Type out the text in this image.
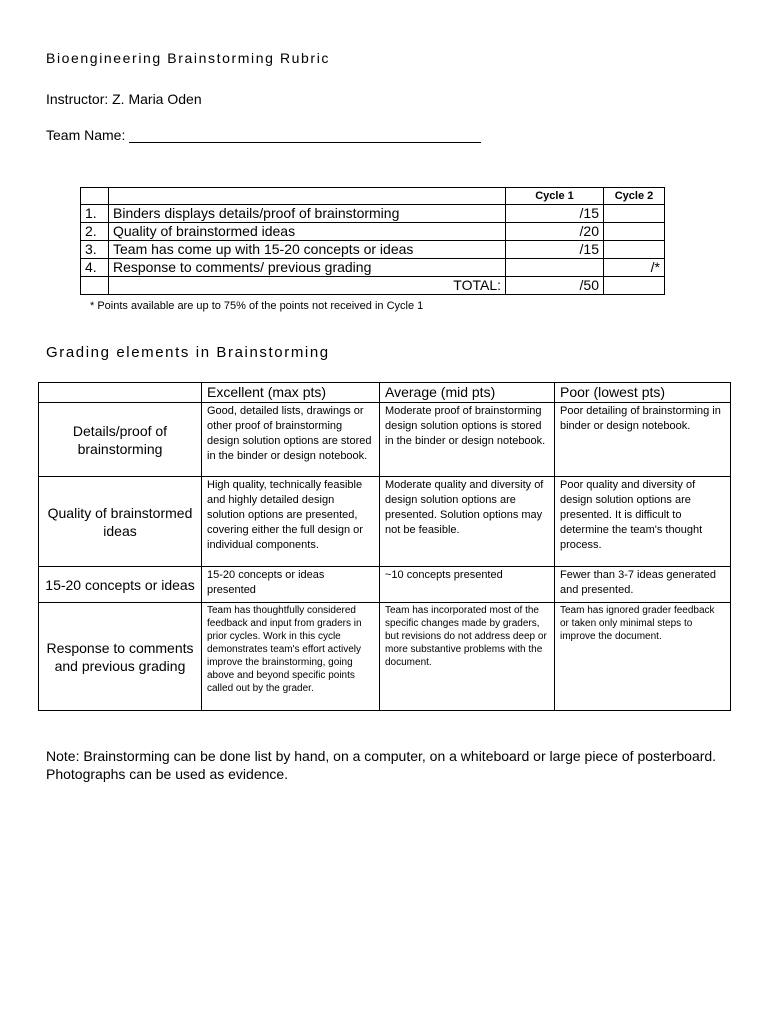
Bioengineering Brainstorming Rubric
Instructor: Z. Maria Oden
Team Name:
		Cycle 1	Cycle 2
1.	Binders displays details/proof of brainstorming	/15	
2.	Quality of brainstormed ideas	/20	
3.	Team has come up with 15-20 concepts or ideas	/15	
4.	Response to comments/ previous grading		/*
	TOTAL:	/50	
* Points available are up to 75% of the points not received in Cycle 1
Grading elements in Brainstorming
	Excellent (max pts)	Average (mid pts)	Poor (lowest pts)
Details/proof of brainstorming	Good, detailed lists, drawings or other proof of brainstorming design solution options are stored in the binder or design notebook.	Moderate proof of brainstorming design solution options is stored in the binder or design notebook.	Poor detailing of brainstorming in binder or design notebook.
Quality of brainstormed ideas	High quality, technically feasible and highly detailed design solution options are presented, covering either the full design or individual components.	Moderate quality and diversity of design solution options are presented. Solution options may not be feasible.	Poor quality and diversity of design solution options are presented. It is difficult to determine the team's thought process.
15-20 concepts or ideas	15-20 concepts or ideas presented	~10 concepts presented	Fewer than 3-7 ideas generated and presented.
Response to comments and previous grading	Team has thoughtfully considered feedback and input from graders in prior cycles. Work in this cycle demonstrates team's effort actively improve the brainstorming, going above and beyond specific points called out by the grader.	Team has incorporated most of the specific changes made by graders, but revisions do not address deep or more substantive problems with the document.	Team has ignored grader feedback or taken only minimal steps to improve the document.
Note: Brainstorming can be done list by hand, on a computer, on a whiteboard or large piece of posterboard. Photographs can be used as evidence.
